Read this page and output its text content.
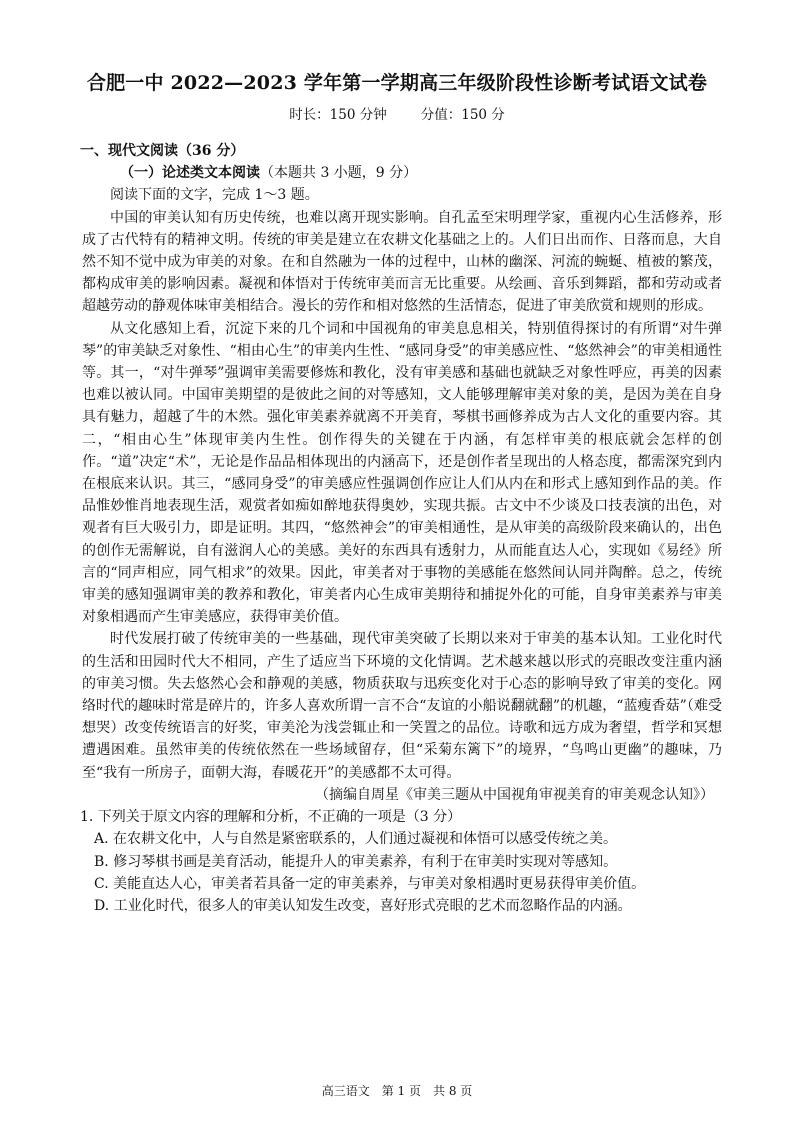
合肥一中 2022—2023 学年第一学期高三年级阶段性诊断考试语文试卷
时长：150 分钟	分值：150 分

一、现代文阅读（36 分）

（一）论述类文本阅读（本题共 3 小题，9 分）

阅读下面的文字，完成 1～3 题。

中国的审美认知有历史传统，也难以离开现实影响。自孔孟至宋明理学家，重视内心生活修养，形成了古代特有的精神文明。传统的审美是建立在农耕文化基础之上的。人们日出而作、日落而息，大自然不知不觉中成为审美的对象。在和自然融为一体的过程中，山林的幽深、河流的蜿蜒、植被的繁茂，都构成审美的影响因素。凝视和体悟对于传统审美而言无比重要。从绘画、音乐到舞蹈，都和劳动或者超越劳动的静观体味审美相结合。漫长的劳作和相对悠然的生活情态，促进了审美欣赏和规则的形成。

从文化感知上看，沉淀下来的几个词和中国视角的审美息息相关，特别值得探讨的有所谓“对牛弹琴”的审美缺乏对象性、“相由心生”的审美内生性、“感同身受”的审美感应性、“悠然神会”的审美相通性等。其一，“对牛弹琴”强调审美需要修炼和教化，没有审美感和基础也就缺乏对象性呼应，再美的因素也难以被认同。中国审美期望的是彼此之间的对等感知，文人能够理解审美对象的美，是因为美在自身具有魅力，超越了牛的木然。强化审美素养就离不开美育，琴棋书画修养成为古人文化的重要内容。其二，“相由心生”体现审美内生性。创作得失的关键在于内涵，有怎样审美的根底就会怎样的创作。“道”决定“术”，无论是作品品相体现出的内涵高下，还是创作者呈现出的人格态度，都需深究到内在根底来认识。其三，“感同身受”的审美感应性强调创作应让人们从内在和形式上感知到作品的美。作品惟妙惟肖地表现生活，观赏者如痴如醉地获得奥妙，实现共振。古文中不少谈及口技表演的出色，对观者有巨大吸引力，即是证明。其四，“悠然神会”的审美相通性，是从审美的高级阶段来确认的，出色的创作无需解说，自有滋润人心的美感。美好的东西具有透射力，从而能直达人心，实现如《易经》所言的“同声相应，同气相求”的效果。因此，审美者对于事物的美感能在悠然间认同并陶醉。总之，传统审美的感知强调审美的教养和教化，审美者内心生成审美期待和捕捉外化的可能，自身审美素养与审美对象相遇而产生审美感应，获得审美价值。

时代发展打破了传统审美的一些基础，现代审美突破了长期以来对于审美的基本认知。工业化时代的生活和田园时代大不相同，产生了适应当下环境的文化情调。艺术越来越以形式的亮眼改变注重内涵的审美习惯。失去悠然心会和静观的美感，物质获取与迅疾变化对于心态的影响导致了审美的变化。网络时代的趣味时常是碎片的，许多人喜欢所谓一言不合“友谊的小船说翻就翻”的机趣，“蓝瘦香菇”（难受想哭）改变传统语言的好奖，审美沦为浅尝辄止和一笑置之的品位。诗歌和远方成为奢望，哲学和冥想遭遇困难。虽然审美的传统依然在一些场域留存，但“采菊东篱下”的境界，“鸟鸣山更幽”的趣味，乃至“我有一所房子，面朝大海，春暖花开”的美感都不太可得。

（摘编自周星《审美三题从中国视角审视美育的审美观念认知》）

1. 下列关于原文内容的理解和分析，不正确的一项是（3 分）

A. 在农耕文化中，人与自然是紧密联系的，人们通过凝视和体悟可以感受传统之美。

B. 修习琴棋书画是美育活动，能提升人的审美素养，有利于在审美时实现对等感知。

C. 美能直达人心，审美者若具备一定的审美素养，与审美对象相遇时更易获得审美价值。

D. 工业化时代，很多人的审美认知发生改变，喜好形式亮眼的艺术而忽略作品的内涵。

高三语文　第 1 页　共 8 页
